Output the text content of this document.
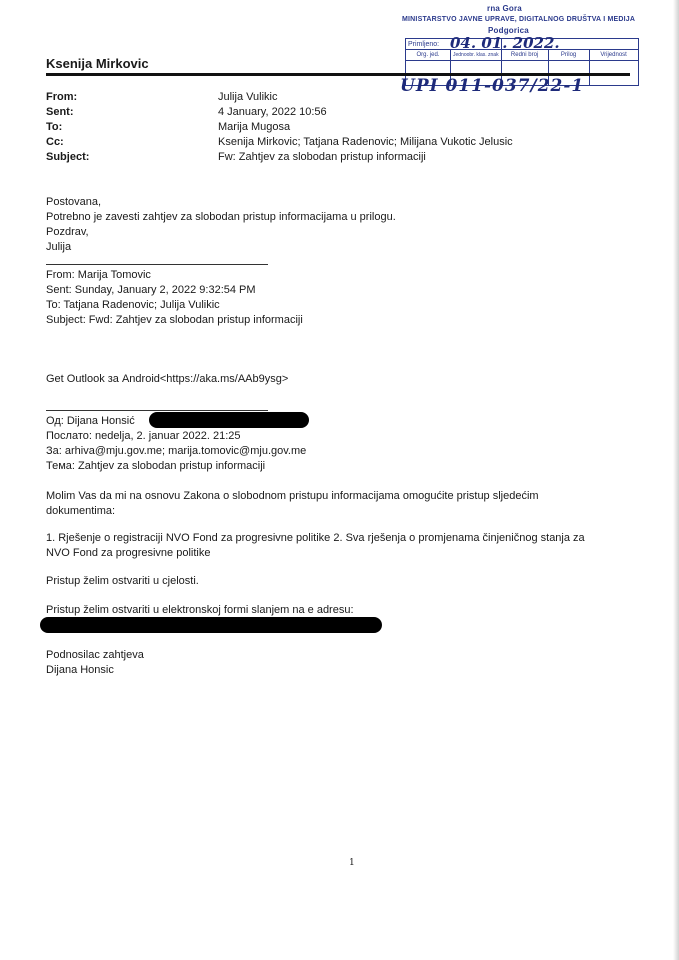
rna Gora
MINISTARSTVO JAVNE UPRAVE, DIGITALNOG DRUŠTVA I MEDIJA
Podgorica
Primljeno:				
Org. jed.	Jednoobr. klas. znak	Redni broj	Prilog	Vrijednost

04. 01. 2022.
UPI 011-037/22-1
Ksenija Mirkovic
From:	Julija Vulikic
Sent:	4 January, 2022 10:56
To:	Marija Mugosa
Cc:	Ksenija Mirkovic; Tatjana Radenovic; Milijana Vukotic Jelusic
Subject:	Fw: Zahtjev za slobodan pristup informaciji
Postovana,
Potrebno je zavesti zahtjev za slobodan pristup informacijama u prilogu.
Pozdrav,
Julija
From: Marija Tomovic
Sent: Sunday, January 2, 2022 9:32:54 PM
To: Tatjana Radenovic; Julija Vulikic
Subject: Fwd: Zahtjev za slobodan pristup informaciji
Get Outlook за Android<https://aka.ms/AAb9ysg>
Од: Dijana Honsić
Послато: nedelja, 2. januar 2022. 21:25
За: arhiva@mju.gov.me; marija.tomovic@mju.gov.me
Тема: Zahtjev za slobodan pristup informaciji
Molim Vas da mi na osnovu Zakona o slobodnom pristupu informacijama omogućite pristup sljedećim
dokumentima:
1. Rješenje o registraciji NVO Fond za progresivne politike 2. Sva rješenja o promjenama činjeničnog stanja za
NVO Fond za progresivne politike
Pristup želim ostvariti u cjelosti.
Pristup želim ostvariti u elektronskoj formi slanjem na e adresu:
Podnosilac zahtjeva
Dijana Honsic
1
